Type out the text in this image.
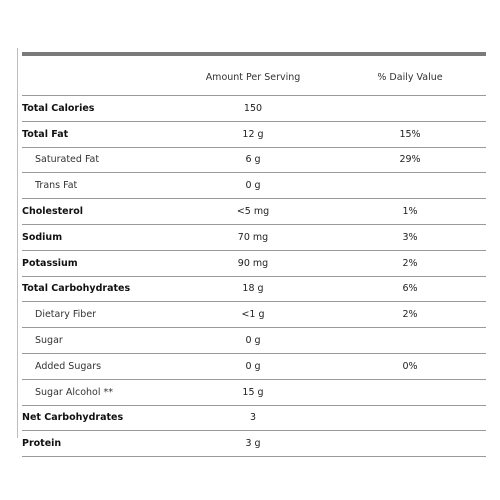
	Amount Per Serving	% Daily Value
Total Calories	150	
Total Fat	12 g	15%
Saturated Fat	6 g	29%
Trans Fat	0 g	
Cholesterol	<5 mg	1%
Sodium	70 mg	3%
Potassium	90 mg	2%
Total Carbohydrates	18 g	6%
Dietary Fiber	<1 g	2%
Sugar	0 g	
Added Sugars	0 g	0%
Sugar Alcohol **	15 g	
Net Carbohydrates	3	
Protein	3 g	
